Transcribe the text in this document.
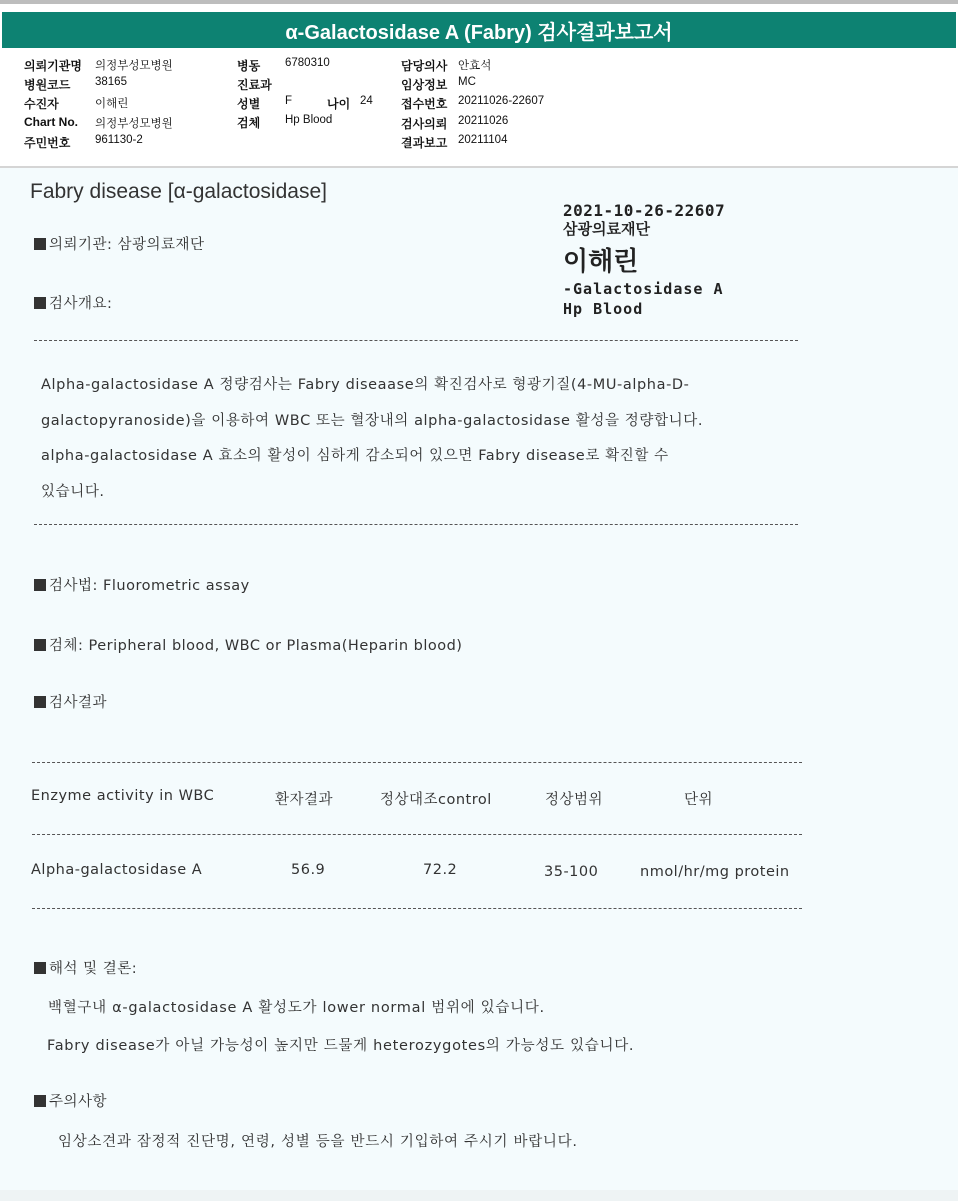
α-Galactosidase A (Fabry) 검사결과보고서
의뢰기관명 의정부성모병원
병원코드 38165
수진자	이해린
Chart No. 의정부성모병원
주민번호 961130-2
병동 6780310
진료과
성별 F	나이 24
검체 Hp Blood
담당의사 안효석
임상정보 MC
접수번호 20211026-22607
검사의뢰 20211026
결과보고 20211104
Fabry disease [α-galactosidase]
2021-10-26-22607
삼광의료재단
이해린
-Galactosidase A
Hp Blood
의뢰기관: 삼광의료재단
검사개요:
Alpha-galactosidase A 정량검사는 Fabry diseaase의 확진검사로 형광기질(4-MU-alpha-D-
galactopyranoside)을 이용하여 WBC 또는 혈장내의 alpha-galactosidase 활성을 정량합니다.
alpha-galactosidase A 효소의 활성이 심하게 감소되어 있으면 Fabry disease로 확진할 수
있습니다.
검사법: Fluorometric assay
검체: Peripheral blood, WBC or Plasma(Heparin blood)
검사결과
Enzyme activity in WBC	환자결과	정상대조control	정상범위	단위
Alpha-galactosidase A	56.9	72.2	35-100	nmol/hr/mg protein
해석 및 결론:
백혈구내 α-galactosidase A 활성도가 lower normal 범위에 있습니다.
Fabry disease가 아닐 가능성이 높지만 드물게 heterozygotes의 가능성도 있습니다.
주의사항
임상소견과 잠정적 진단명, 연령, 성별 등을 반드시 기입하여 주시기 바랍니다.
